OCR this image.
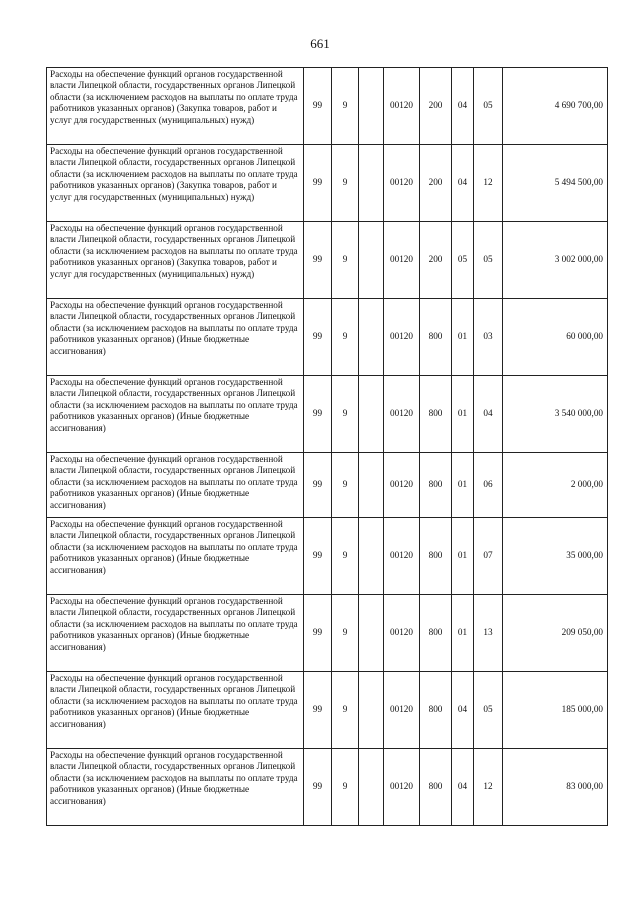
661
Расходы на обеспечение функций органов государственной власти Липецкой области, государственных органов Липецкой области (за исключением расходов на выплаты по оплате труда работников указанных органов) (Закупка товаров, работ и услуг для государственных (муниципальных) нужд)	99	9		00120	200	04	05	4 690 700,00
Расходы на обеспечение функций органов государственной власти Липецкой области, государственных органов Липецкой области (за исключением расходов на выплаты по оплате труда работников указанных органов) (Закупка товаров, работ и услуг для государственных (муниципальных) нужд)	99	9		00120	200	04	12	5 494 500,00
Расходы на обеспечение функций органов государственной власти Липецкой области, государственных органов Липецкой области (за исключением расходов на выплаты по оплате труда работников указанных органов) (Закупка товаров, работ и услуг для государственных (муниципальных) нужд)	99	9		00120	200	05	05	3 002 000,00
Расходы на обеспечение функций органов государственной власти Липецкой области, государственных органов Липецкой области (за исключением расходов на выплаты по оплате труда работников указанных органов) (Иные бюджетные ассигнования)	99	9		00120	800	01	03	60 000,00
Расходы на обеспечение функций органов государственной власти Липецкой области, государственных органов Липецкой области (за исключением расходов на выплаты по оплате труда работников указанных органов) (Иные бюджетные ассигнования)	99	9		00120	800	01	04	3 540 000,00
Расходы на обеспечение функций органов государственной власти Липецкой области, государственных органов Липецкой области (за исключением расходов на выплаты по оплате труда работников указанных органов) (Иные бюджетные ассигнования)	99	9		00120	800	01	06	2 000,00
Расходы на обеспечение функций органов государственной власти Липецкой области, государственных органов Липецкой области (за исключением расходов на выплаты по оплате труда работников указанных органов) (Иные бюджетные ассигнования)	99	9		00120	800	01	07	35 000,00
Расходы на обеспечение функций органов государственной власти Липецкой области, государственных органов Липецкой области (за исключением расходов на выплаты по оплате труда работников указанных органов) (Иные бюджетные ассигнования)	99	9		00120	800	01	13	209 050,00
Расходы на обеспечение функций органов государственной власти Липецкой области, государственных органов Липецкой области (за исключением расходов на выплаты по оплате труда работников указанных органов) (Иные бюджетные ассигнования)	99	9		00120	800	04	05	185 000,00
Расходы на обеспечение функций органов государственной власти Липецкой области, государственных органов Липецкой области (за исключением расходов на выплаты по оплате труда работников указанных органов) (Иные бюджетные ассигнования)	99	9		00120	800	04	12	83 000,00
